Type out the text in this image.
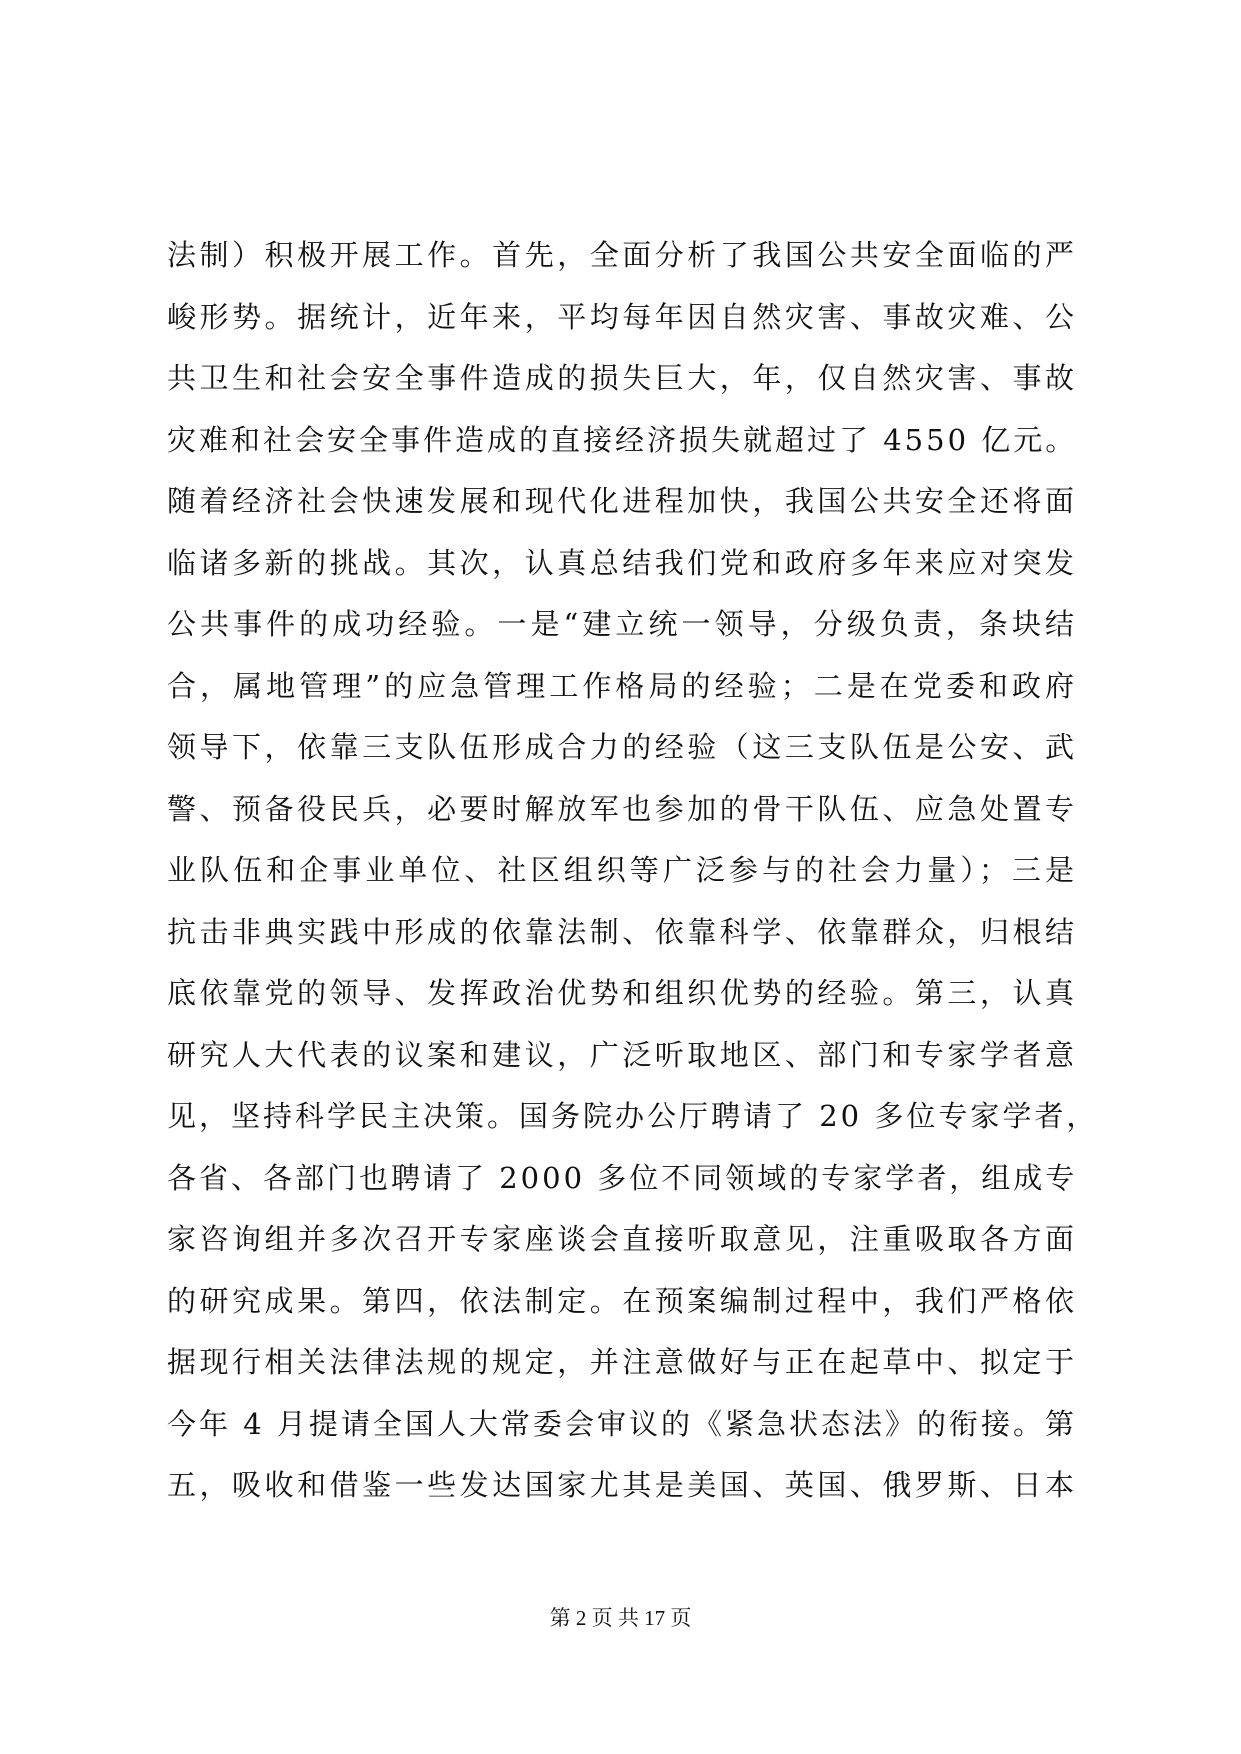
法制）积极开展工作。首先，全面分析了我国公共安全面临的严
峻形势。据统计，近年来，平均每年因自然灾害、事故灾难、公
共卫生和社会安全事件造成的损失巨大，年，仅自然灾害、事故
灾难和社会安全事件造成的直接经济损失就超过了 4550 亿元。
随着经济社会快速发展和现代化进程加快，我国公共安全还将面
临诸多新的挑战。其次，认真总结我们党和政府多年来应对突发
公共事件的成功经验。一是“建立统一领导，分级负责，条块结
合，属地管理”的应急管理工作格局的经验；二是在党委和政府
领导下，依靠三支队伍形成合力的经验（这三支队伍是公安、武
警、预备役民兵，必要时解放军也参加的骨干队伍、应急处置专
业队伍和企事业单位、社区组织等广泛参与的社会力量）；三是
抗击非典实践中形成的依靠法制、依靠科学、依靠群众，归根结
底依靠党的领导、发挥政治优势和组织优势的经验。第三，认真
研究人大代表的议案和建议，广泛听取地区、部门和专家学者意
见，坚持科学民主决策。国务院办公厅聘请了 20 多位专家学者，
各省、各部门也聘请了 2000 多位不同领域的专家学者，组成专
家咨询组并多次召开专家座谈会直接听取意见，注重吸取各方面
的研究成果。第四，依法制定。在预案编制过程中，我们严格依
据现行相关法律法规的规定，并注意做好与正在起草中、拟定于
今年 4 月提请全国人大常委会审议的《紧急状态法》的衔接。第
五，吸收和借鉴一些发达国家尤其是美国、英国、俄罗斯、日本
第 2 页 共 17 页
